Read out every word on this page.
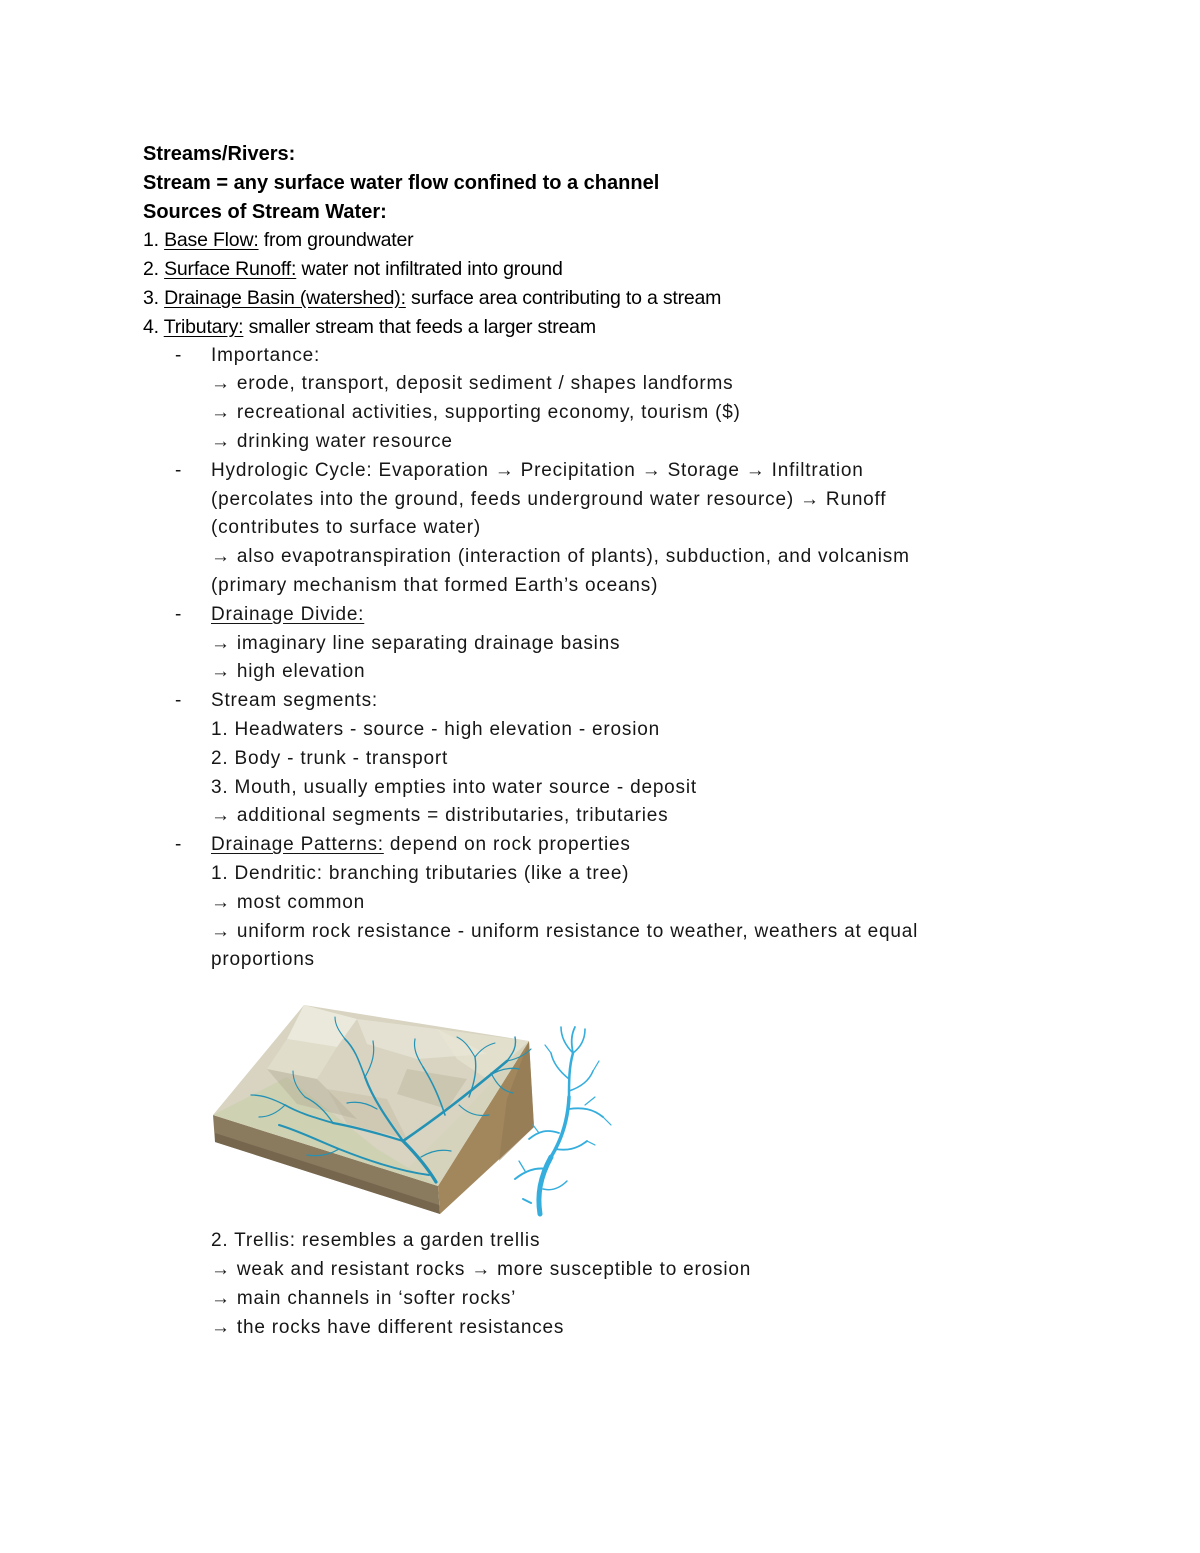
Streams/Rivers:
Stream = any surface water flow confined to a channel
Sources of Stream Water:
1. Base Flow: from groundwater
2. Surface Runoff: water not infiltrated into ground
3. Drainage Basin (watershed): surface area contributing to a stream
4. Tributary: smaller stream that feeds a larger stream
- Importance:
→ erode, transport, deposit sediment / shapes landforms
→ recreational activities, supporting economy, tourism ($)
→ drinking water resource
- Hydrologic Cycle: Evaporation → Precipitation → Storage → Infiltration
(percolates into the ground, feeds underground water resource) → Runoff
(contributes to surface water)
→ also evapotranspiration (interaction of plants), subduction, and volcanism
(primary mechanism that formed Earth’s oceans)
- Drainage Divide:
→ imaginary line separating drainage basins
→ high elevation
- Stream segments:
1. Headwaters - source - high elevation - erosion
2. Body - trunk - transport
3. Mouth, usually empties into water source - deposit
→ additional segments = distributaries, tributaries
- Drainage Patterns: depend on rock properties
1. Dendritic: branching tributaries (like a tree)
→ most common
→ uniform rock resistance - uniform resistance to weather, weathers at equal
proportions
2. Trellis: resembles a garden trellis
→ weak and resistant rocks → more susceptible to erosion
→ main channels in ‘softer rocks’
→ the rocks have different resistances
